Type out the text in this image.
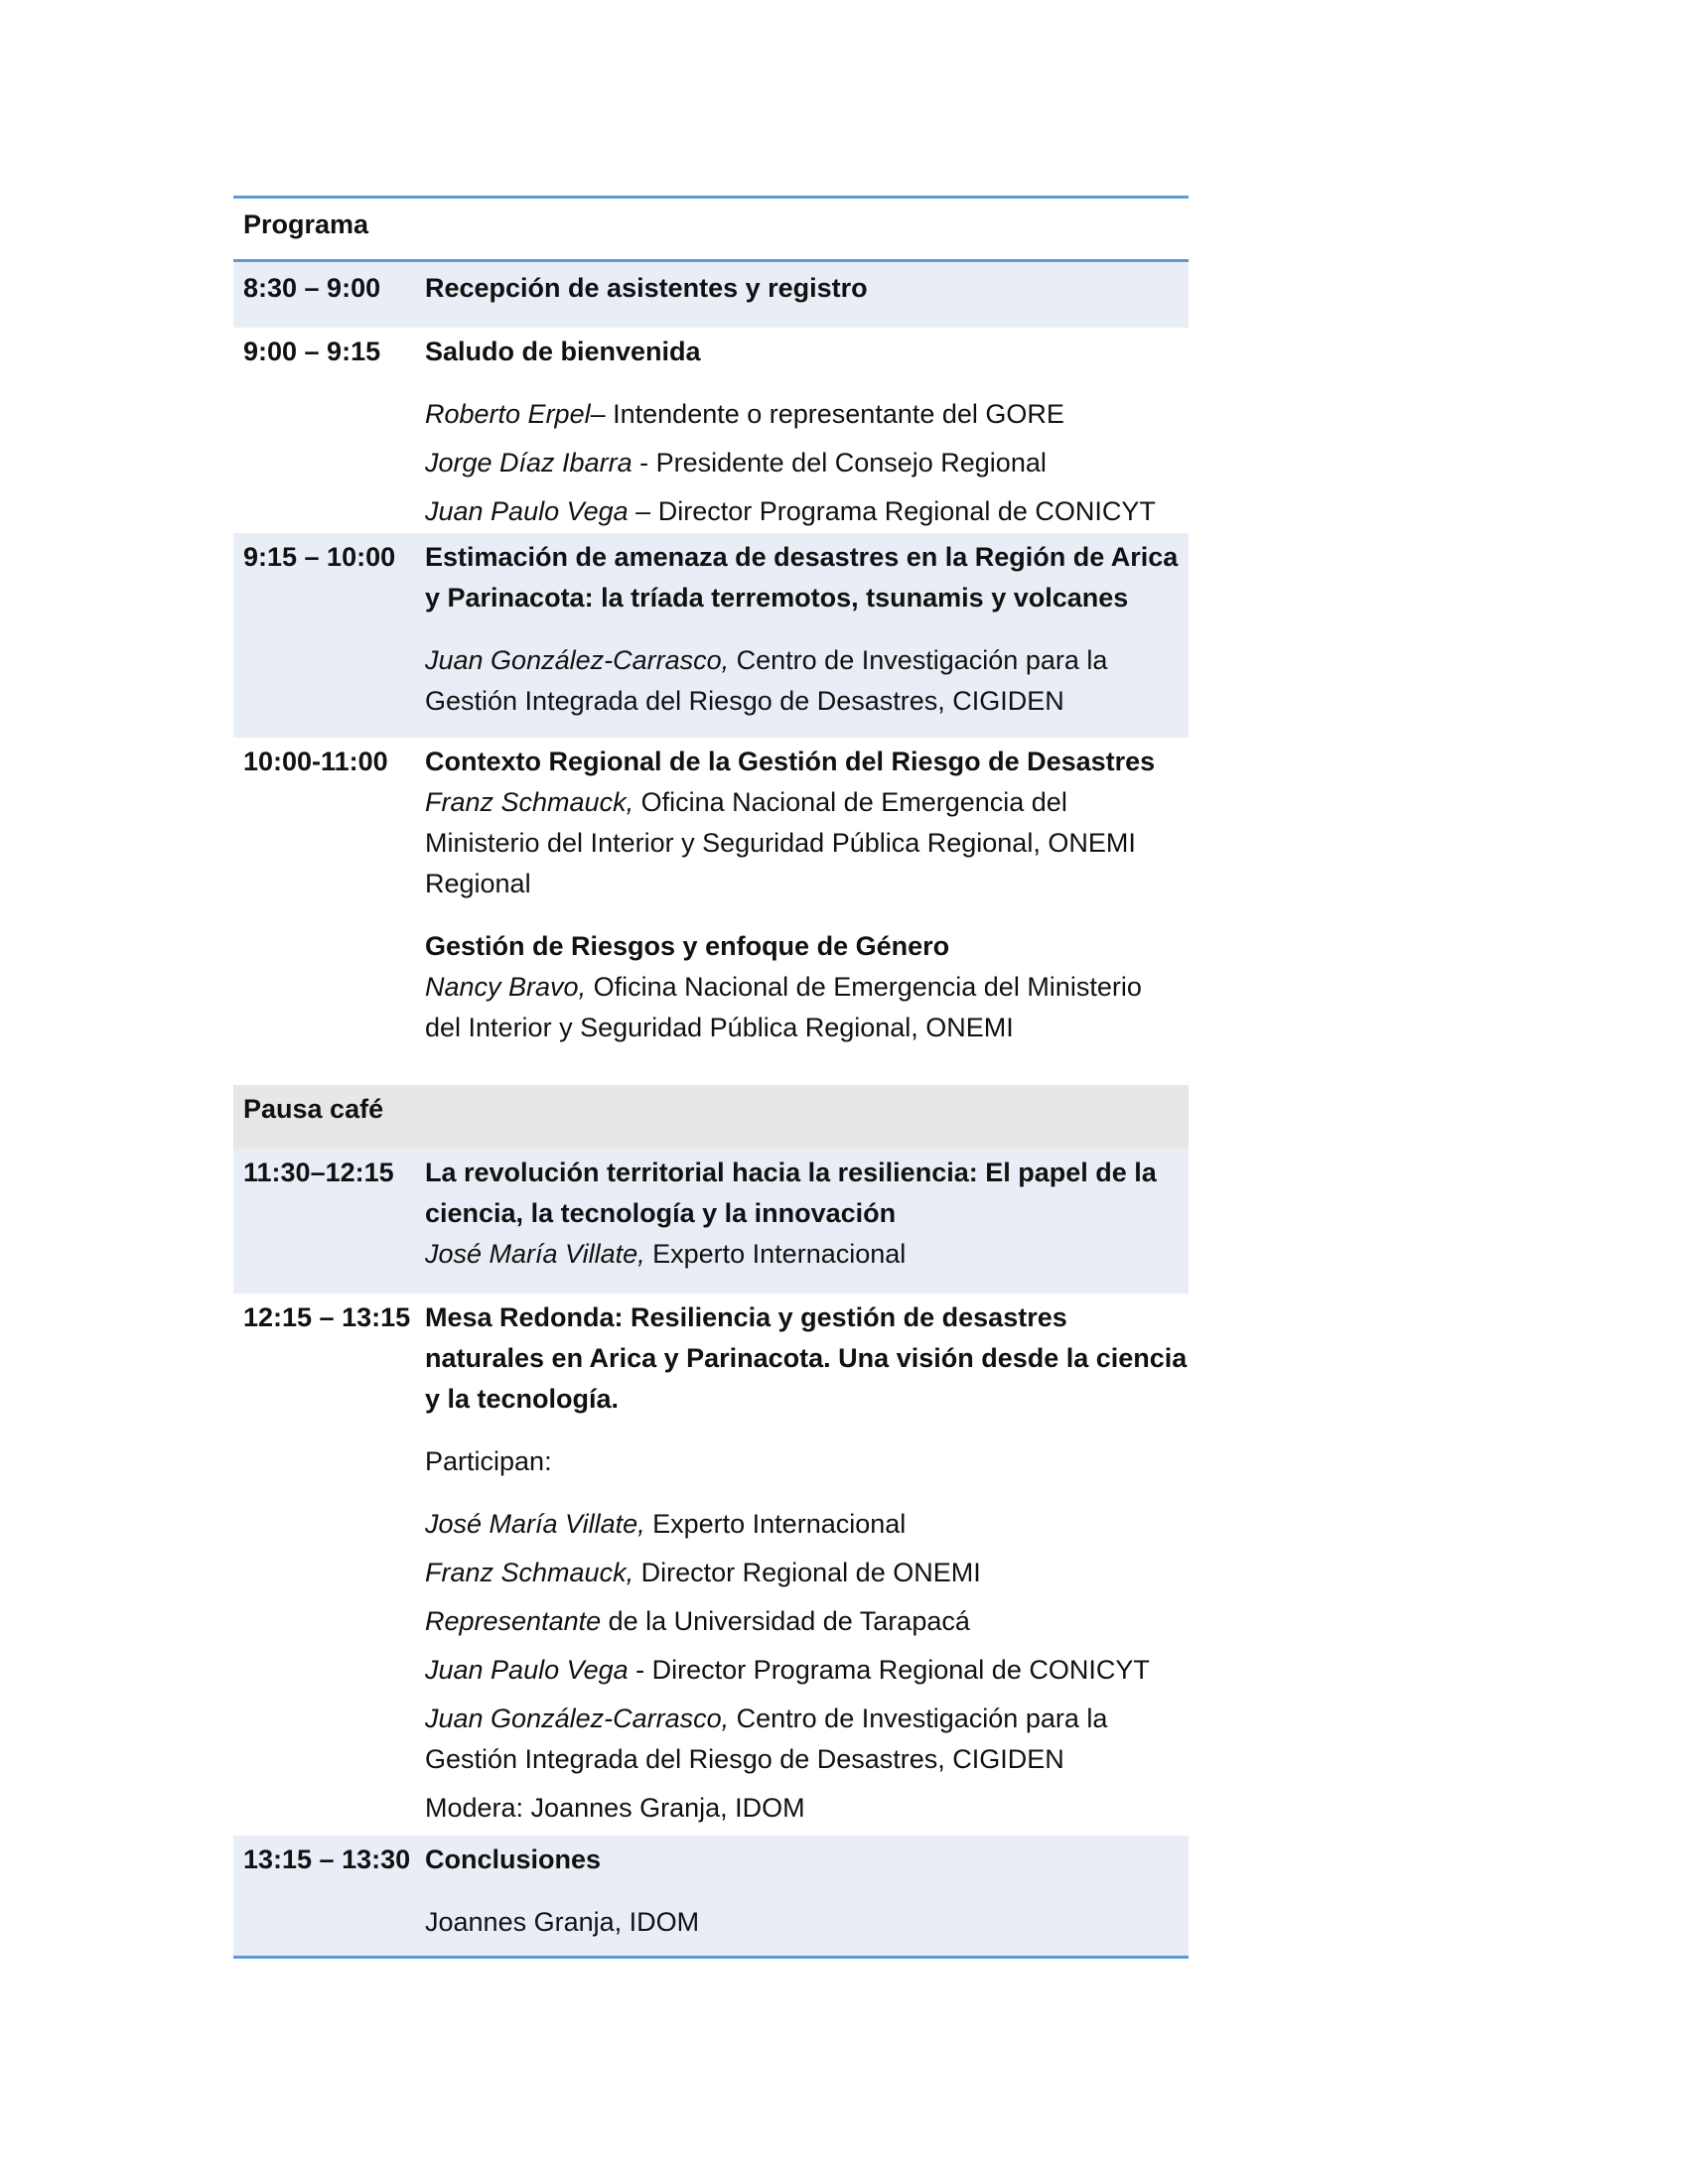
Programa
8:30 – 9:00	Recepción de asistentes y registro
9:00 – 9:15	Saludo de bienvenida
Roberto Erpel– Intendente o representante del GORE
Jorge Díaz Ibarra - Presidente del Consejo Regional
Juan Paulo Vega – Director Programa Regional de CONICYT
9:15 – 10:00	Estimación de amenaza de desastres en la Región de Arica
y Parinacota: la tríada terremotos, tsunamis y volcanes
Juan González-Carrasco, Centro de Investigación para la
Gestión Integrada del Riesgo de Desastres, CIGIDEN
10:00-11:00	Contexto Regional de la Gestión del Riesgo de Desastres
Franz Schmauck, Oficina Nacional de Emergencia del
Ministerio del Interior y Seguridad Pública Regional, ONEMI
Regional
Gestión de Riesgos y enfoque de Género
Nancy Bravo, Oficina Nacional de Emergencia del Ministerio
del Interior y Seguridad Pública Regional, ONEMI
Pausa café
11:30–12:15	La revolución territorial hacia la resiliencia: El papel de la
ciencia, la tecnología y la innovación
José María Villate, Experto Internacional
12:15 – 13:15 Mesa Redonda: Resiliencia y gestión de desastres
naturales en Arica y Parinacota. Una visión desde la ciencia
y la tecnología.
Participan:
José María Villate, Experto Internacional
Franz Schmauck, Director Regional de ONEMI
Representante de la Universidad de Tarapacá
Juan Paulo Vega - Director Programa Regional de CONICYT
Juan González-Carrasco, Centro de Investigación para la
Gestión Integrada del Riesgo de Desastres, CIGIDEN
Modera: Joannes Granja, IDOM
13:15 – 13:30 Conclusiones
Joannes Granja, IDOM
